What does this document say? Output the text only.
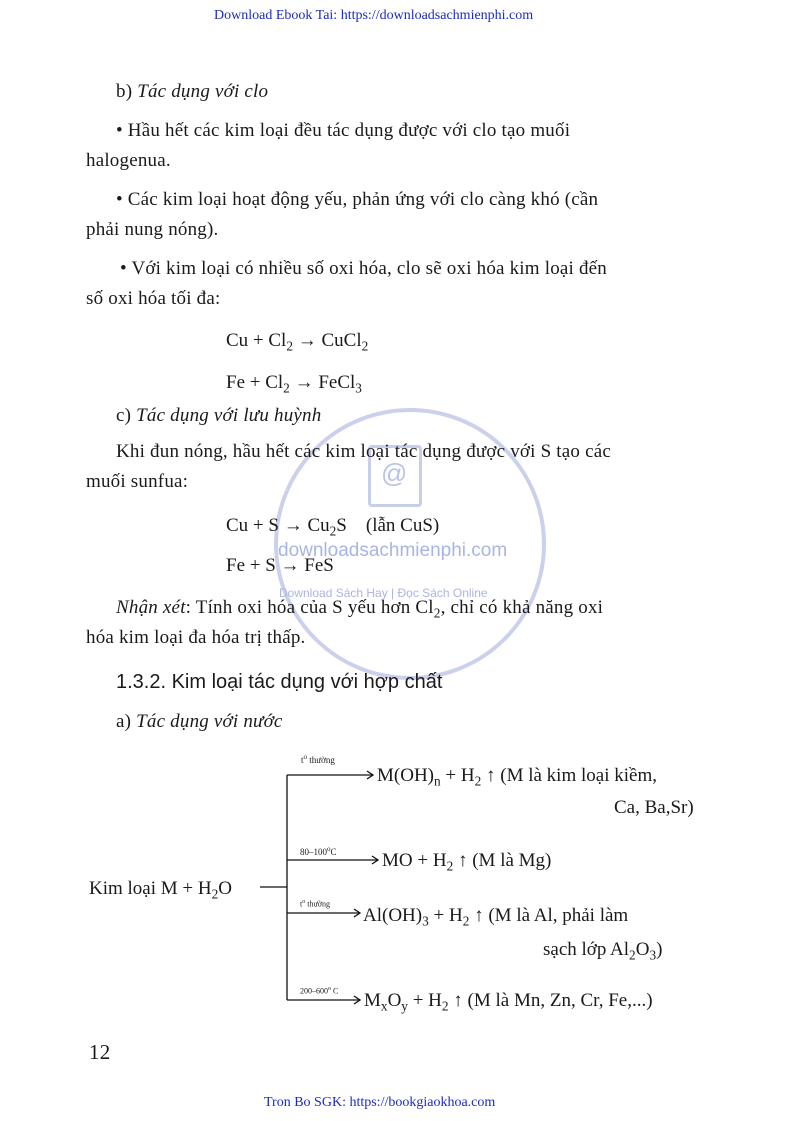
Download Ebook Tai: https://downloadsachmienphi.com
@
downloadsachmienphi.com
Download Sách Hay | Đọc Sách Online
b) Tác dụng với clo
• Hầu hết các kim loại đều tác dụng được với clo tạo muối
halogenua.
• Các kim loại hoạt động yếu, phản ứng với clo càng khó (cần
phải nung nóng).
• Với kim loại có nhiều số oxi hóa, clo sẽ oxi hóa kim loại đến
số oxi hóa tối đa:
$Cu + Cl_2$ → CuCl$_2$
$Fe + Cl_2$ → FeCl$_3$
c) Tác dụng với lưu huỳnh
Khi đun nóng, hầu hết các kim loại tác dụng được với S tạo các
muối sunfua:
$Cu + S \to Cu_2S$    (lẫn CuS)
Fe + S → FeS
Nhận xét: Tính oxi hóa của S yếu hơn $Cl_2$, chỉ có khả năng oxi
hóa kim loại đa hóa trị thấp.
1.3.2. Kim loại tác dụng với hợp chất
a) Tác dụng với nước
Kim loại $M + H_2O$
$t^o$ thường
$M(OH)_n + H_2$ ↑ (M là kim loại kiềm,
Ca, Ba,Sr)
80–100$^o$C MO + $H_2$ ↑ (M là Mg)
$t^o$ thường
$Al(OH)_3 + H_2$ ↑ (M là Al, phải làm
sạch lớp $Al_2O_3$)
200–600$^o$ C $M_xO_y + H_2$ ↑ (M là Mn, Zn, Cr, Fe,...)
12
Tron Bo SGK: https://bookgiaokhoa.com
